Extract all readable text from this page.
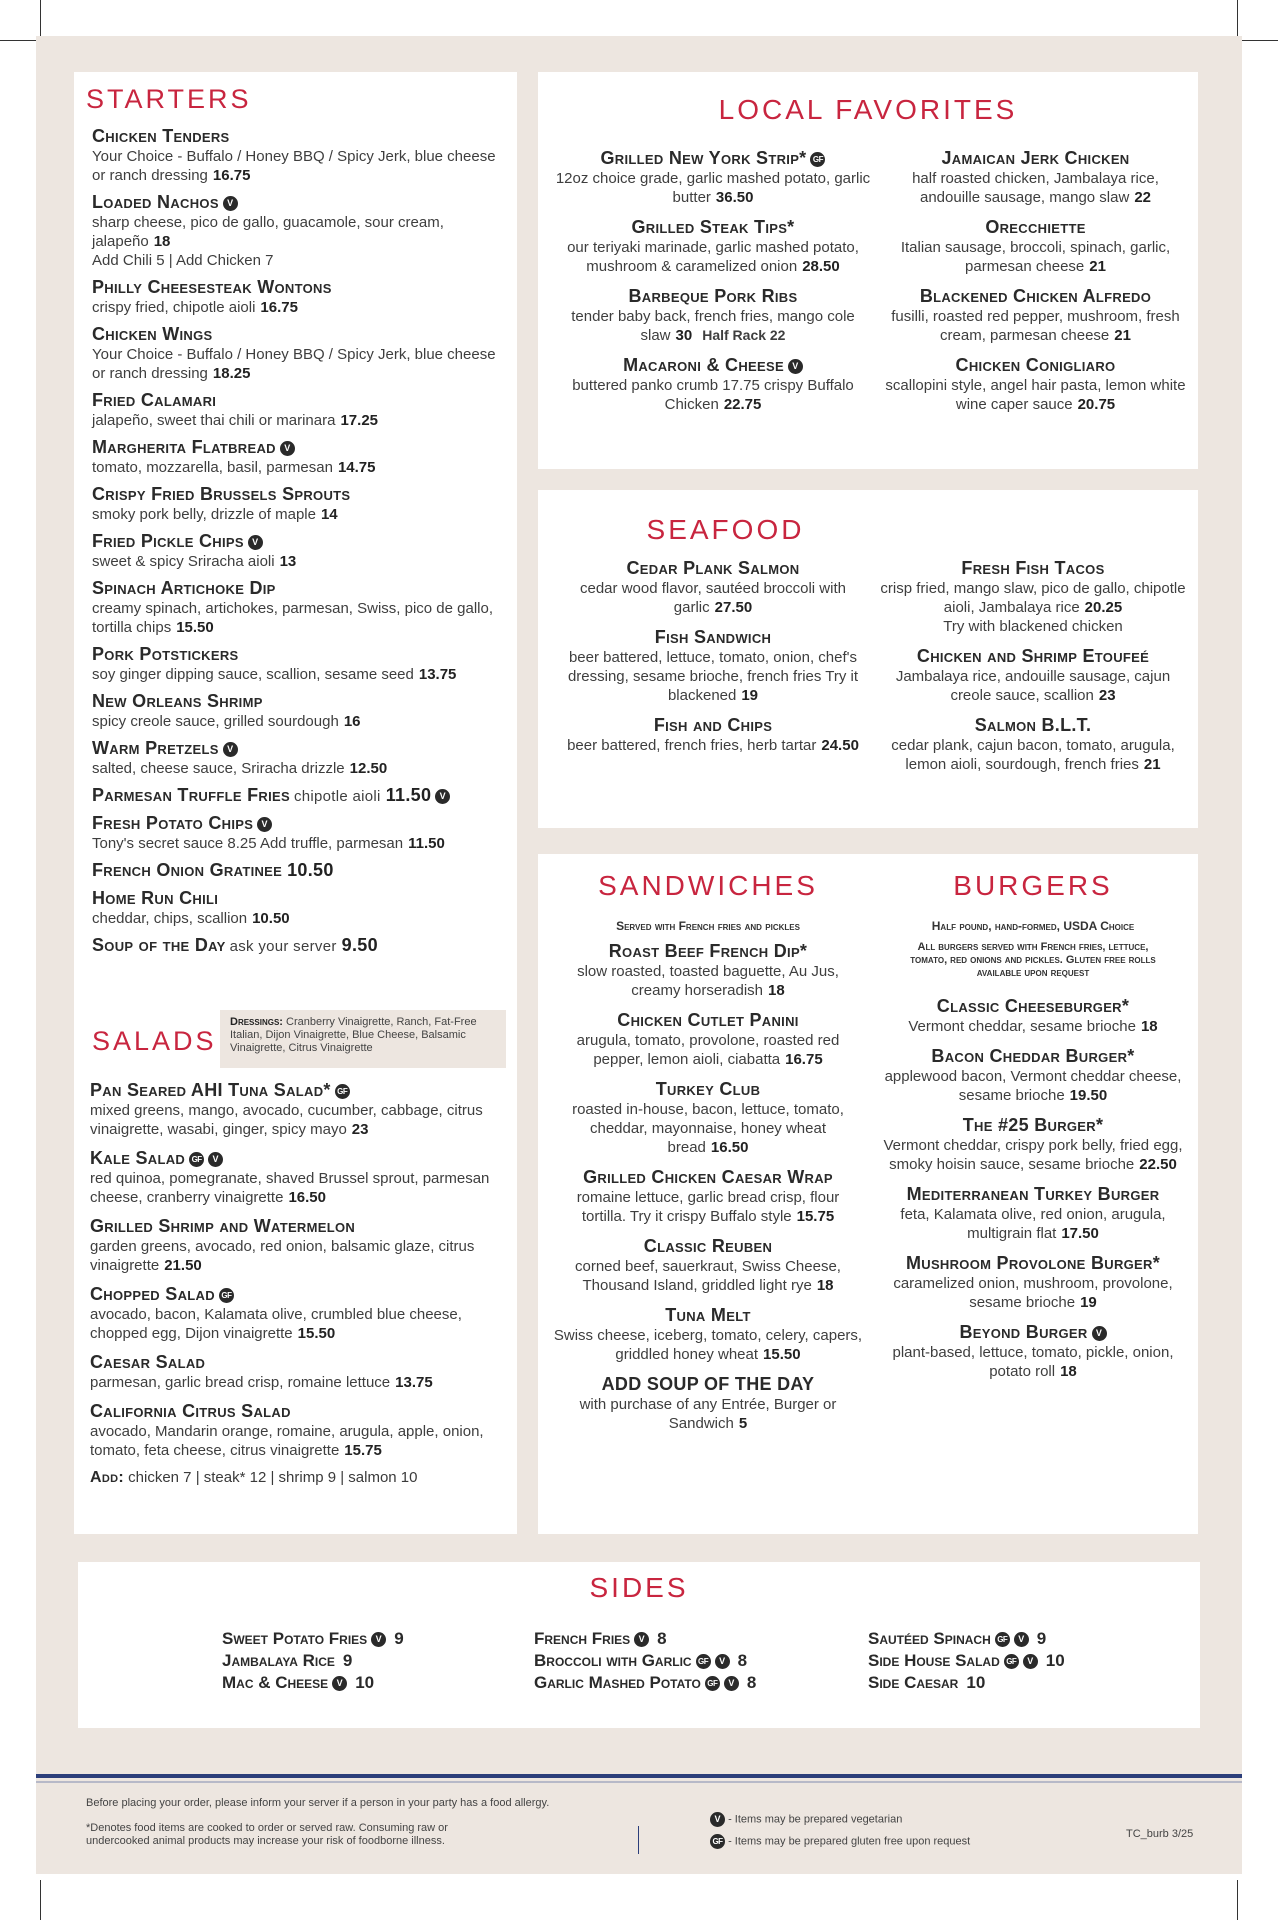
STARTERS
Chicken Tenders
Your Choice - Buffalo / Honey BBQ / Spicy Jerk, blue cheese or ranch dressing 16.75
Loaded Nachos V
sharp cheese, pico de gallo, guacamole, sour cream, jalapeño 18
Add Chili 5 | Add Chicken 7
Philly Cheesesteak Wontons
crispy fried, chipotle aioli 16.75
Chicken Wings
Your Choice - Buffalo / Honey BBQ / Spicy Jerk, blue cheese or ranch dressing 18.25
Fried Calamari
jalapeño, sweet thai chili or marinara 17.25
Margherita Flatbread V
tomato, mozzarella, basil, parmesan 14.75
Crispy Fried Brussels Sprouts
smoky pork belly, drizzle of maple 14
Fried Pickle Chips V
sweet & spicy Sriracha aioli 13
Spinach Artichoke Dip
creamy spinach, artichokes, parmesan, Swiss, pico de gallo, tortilla chips 15.50
Pork Potstickers
soy ginger dipping sauce, scallion, sesame seed 13.75
New Orleans Shrimp
spicy creole sauce, grilled sourdough 16
Warm Pretzels V
salted, cheese sauce, Sriracha drizzle 12.50
Parmesan Truffle Fries chipotle aioli 11.50 V
Fresh Potato Chips V
Tony's secret sauce 8.25 Add truffle, parmesan 11.50
French Onion Gratinee 10.50
Home Run Chili
cheddar, chips, scallion 10.50
Soup of the Day ask your server 9.50
SALADS
Dressings: Cranberry Vinaigrette, Ranch, Fat-Free Italian, Dijon Vinaigrette, Blue Cheese, Balsamic Vinaigrette, Citrus Vinaigrette
Pan Seared AHI Tuna Salad* GF
mixed greens, mango, avocado, cucumber, cabbage, citrus vinaigrette, wasabi, ginger, spicy mayo 23
Kale Salad GF V
red quinoa, pomegranate, shaved Brussel sprout, parmesan cheese, cranberry vinaigrette 16.50
Grilled Shrimp and Watermelon
garden greens, avocado, red onion, balsamic glaze, citrus vinaigrette 21.50
Chopped Salad GF
avocado, bacon, Kalamata olive, crumbled blue cheese, chopped egg, Dijon vinaigrette 15.50
Caesar Salad
parmesan, garlic bread crisp, romaine lettuce 13.75
California Citrus Salad
avocado, Mandarin orange, romaine, arugula, apple, onion, tomato, feta cheese, citrus vinaigrette 15.75
Add: chicken 7 | steak* 12 | shrimp 9 | salmon 10
LOCAL FAVORITES
Grilled New York Strip* GF
12oz choice grade, garlic mashed potato, garlic butter 36.50
Grilled Steak Tips*
our teriyaki marinade, garlic mashed potato, mushroom & caramelized onion 28.50
Barbeque Pork Ribs
tender baby back, french fries, mango cole slaw 30 Half Rack 22
Macaroni & Cheese V
buttered panko crumb 17.75 crispy Buffalo Chicken 22.75
Jamaican Jerk Chicken
half roasted chicken, Jambalaya rice, andouille sausage, mango slaw 22
Orecchiette
Italian sausage, broccoli, spinach, garlic, parmesan cheese 21
Blackened Chicken Alfredo
fusilli, roasted red pepper, mushroom, fresh cream, parmesan cheese 21
Chicken Conigliaro
scallopini style, angel hair pasta, lemon white wine caper sauce 20.75
SEAFOOD
Cedar Plank Salmon
cedar wood flavor, sautéed broccoli with garlic 27.50
Fish Sandwich
beer battered, lettuce, tomato, onion, chef's dressing, sesame brioche, french fries Try it blackened 19
Fish and Chips
beer battered, french fries, herb tartar 24.50
Fresh Fish Tacos
crisp fried, mango slaw, pico de gallo, chipotle aioli, Jambalaya rice 20.25
Try with blackened chicken
Chicken and Shrimp Etoufeé
Jambalaya rice, andouille sausage, cajun creole sauce, scallion 23
Salmon B.L.T.
cedar plank, cajun bacon, tomato, arugula, lemon aioli, sourdough, french fries 21
SANDWICHES	BURGERS
Served with French fries and pickles
Roast Beef French Dip*
slow roasted, toasted baguette, Au Jus, creamy horseradish 18
Chicken Cutlet Panini
arugula, tomato, provolone, roasted red pepper, lemon aioli, ciabatta 16.75
Turkey Club
roasted in-house, bacon, lettuce, tomato, cheddar, mayonnaise, honey wheat bread 16.50
Grilled Chicken Caesar Wrap
romaine lettuce, garlic bread crisp, flour tortilla. Try it crispy Buffalo style 15.75
Classic Reuben
corned beef, sauerkraut, Swiss Cheese, Thousand Island, griddled light rye 18
Tuna Melt
Swiss cheese, iceberg, tomato, celery, capers, griddled honey wheat 15.50
ADD SOUP OF THE DAY
with purchase of any Entrée, Burger or Sandwich 5
Half pound, hand-formed, USDA Choice
All burgers served with French fries, lettuce, tomato, red onions and pickles. Gluten free rolls available upon request
Classic Cheeseburger*
Vermont cheddar, sesame brioche 18
Bacon Cheddar Burger*
applewood bacon, Vermont cheddar cheese, sesame brioche 19.50
The #25 Burger*
Vermont cheddar, crispy pork belly, fried egg, smoky hoisin sauce, sesame brioche 22.50
Mediterranean Turkey Burger
feta, Kalamata olive, red onion, arugula, multigrain flat 17.50
Mushroom Provolone Burger*
caramelized onion, mushroom, provolone, sesame brioche 19
Beyond Burger V
plant-based, lettuce, tomato, pickle, onion, potato roll 18
SIDES
Sweet Potato Fries V 9
Jambalaya Rice 9
Mac & Cheese V 10
French Fries V 8
Broccoli with Garlic GF V 8
Garlic Mashed Potato GF V 8
Sautéed Spinach GF V 9
Side House Salad GF V 10
Side Caesar 10
Before placing your order, please inform your server if a person in your party has a food allergy.
*Denotes food items are cooked to order or served raw. Consuming raw or undercooked animal products may increase your risk of foodborne illness.
V - Items may be prepared vegetarian
GF - Items may be prepared gluten free upon request
TC_burb 3/25
